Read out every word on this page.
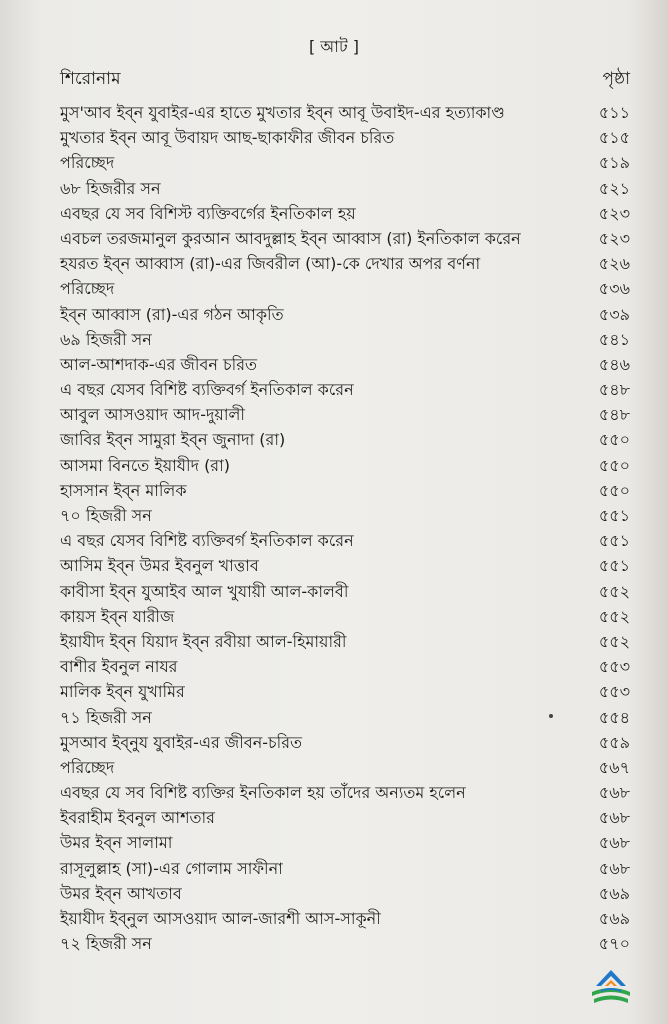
[ আট ]
শিরোনাম	পৃষ্ঠা
মুস'আব ইব্‌ন যুবাইর-এর হাতে মুখতার ইব্‌ন আবূ উবাইদ-এর হত্যাকাণ্ড	৫১১
মুখতার ইব্‌ন আবূ উবায়দ আছ-ছাকাফীর জীবন চরিত	৫১৫
পরিচ্ছেদ	৫১৯
৬৮ হিজরীর সন	৫২১
এবছর যে সব বিশিস্ট ব্যক্তিবর্গের ইনতিকাল হয়	৫২৩
এবচল তরজমানুল কুরআন আবদুল্লাহ ইব্‌ন আব্বাস (রা) ইনতিকাল করেন	৫২৩
হযরত ইব্‌ন আব্বাস (রা)-এর জিবরীল (আ)-কে দেখার অপর বর্ণনা	৫২৬
পরিচ্ছেদ	৫৩৬
ইব্‌ন আব্বাস (রা)-এর গঠন আকৃতি	৫৩৯
৬৯ হিজরী সন	৫৪১
আল-আশদাক-এর জীবন চরিত	৫৪৬
এ বছর যেসব বিশিষ্ট ব্যক্তিবর্গ ইনতিকাল করেন	৫৪৮
আবুল আসওয়াদ আদ-দুয়ালী	৫৪৮
জাবির ইব্‌ন সামুরা ইব্‌ন জুনাদা (রা)	৫৫০
আসমা বিনতে ইয়াযীদ (রা)	৫৫০
হাসসান ইব্‌ন মালিক	৫৫০
৭০ হিজরী সন	৫৫১
এ বছর যেসব বিশিষ্ট ব্যক্তিবর্গ ইনতিকাল করেন	৫৫১
আসিম ইব্‌ন উমর ইবনুল খাত্তাব	৫৫১
কাবীসা ইব্‌ন যুআইব আল খুযায়ী আল-কালবী	৫৫২
কায়স ইব্‌ন যারীজ	৫৫২
ইয়াযীদ ইব্‌ন যিয়াদ ইব্‌ন রবীয়া আল-হিমায়ারী	৫৫২
বাশীর ইবনুল নাযর	৫৫৩
মালিক ইব্‌ন যুখামির	৫৫৩
৭১ হিজরী সন	৫৫৪
মুসআব ইব্‌নুয যুবাইর-এর জীবন-চরিত	৫৫৯
পরিচ্ছেদ	৫৬৭
এবছর যে সব বিশিষ্ট ব্যক্তির ইনতিকাল হয় তাঁদের অন্যতম হলেন	৫৬৮
ইবরাহীম ইবনুল আশতার	৫৬৮
উমর ইব্‌ন সালামা	৫৬৮
রাসূলুল্লাহ (সা)-এর গোলাম সাফীনা	৫৬৮
উমর ইব্‌ন আখতাব	৫৬৯
ইয়াযীদ ইব্‌নুল আসওয়াদ আল-জারশী আস-সাকূনী	৫৬৯
৭২ হিজরী সন	৫৭০
